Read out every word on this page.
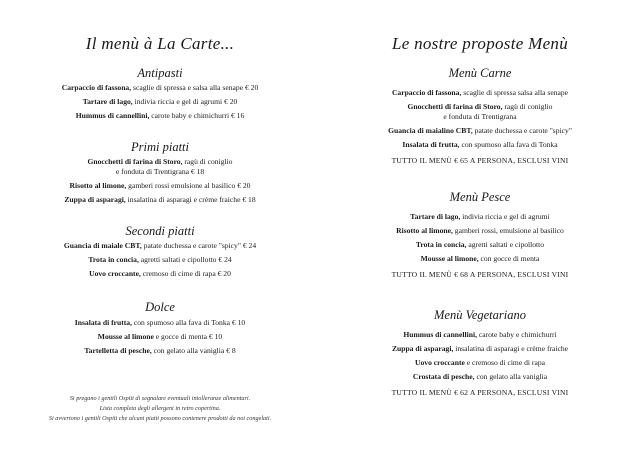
Il menù à La Carte...
Antipasti
Carpaccio di fassona, scaglie di spressa e salsa alla senape € 20
Tartare di lago, indivia riccia e gel di agrumi € 20
Hummus di cannellini, carote baby e chimichurri € 16
Primi piatti
Gnocchetti di farina di Storo, ragù di coniglio
e fonduta di Trentigrana € 18
Risotto al limone, gamberi rossi emulsione al basilico € 20
Zuppa di asparagi, insalatina di asparagi e crème fraiche € 18
Secondi piatti
Guancia di maiale CBT, patate duchessa e carote "spicy" € 24
Trota in concia, agretti saltati e cipollotto € 24
Uovo croccante, cremoso di cime di rapa € 20
Dolce
Insalata di frutta, con spumoso alla fava di Tonka € 10
Mousse al limone e gocce di menta € 10
Tartelletta di pesche, con gelato alla vaniglia € 8
Si pregano i gentili Ospiti di segnalare eventuali intolleranze alimentari.
Lista completa degli allergeni in retro copertina.
Si avvertono i gentili Ospiti che alcuni piatti possono contenere prodotti da noi congelati.
Le nostre proposte Menù
Menù Carne
Carpaccio di fassona, scaglie di spressa salsa alla senape
Gnocchetti di farina di Storo, ragù di coniglio
e fonduta di Trentigrana
Guancia di maialino CBT, patate duchessa e carote "spicy"
Insalata di frutta, con spumoso alla fava di Tonka
TUTTO IL MENÙ € 65 A PERSONA, ESCLUSI VINI
Menù Pesce
Tartare di lago, indivia riccia e gel di agrumi
Risotto al limone, gamberi rossi, emulsione al basilico
Trota in concia, agretti saltati e cipollotto
Mousse al limone, con gocce di menta
TUTTO IL MENÙ € 68 A PERSONA, ESCLUSI VINI
Menù Vegetariano
Hummus di cannellini, carote baby e chimichurri
Zuppa di asparagi, insalatina di asparagi e crème fraiche
Uovo croccante e cremoso di cime di rapa
Crostata di pesche, con gelato alla vaniglia
TUTTO IL MENÙ € 62 A PERSONA, ESCLUSI VINI
